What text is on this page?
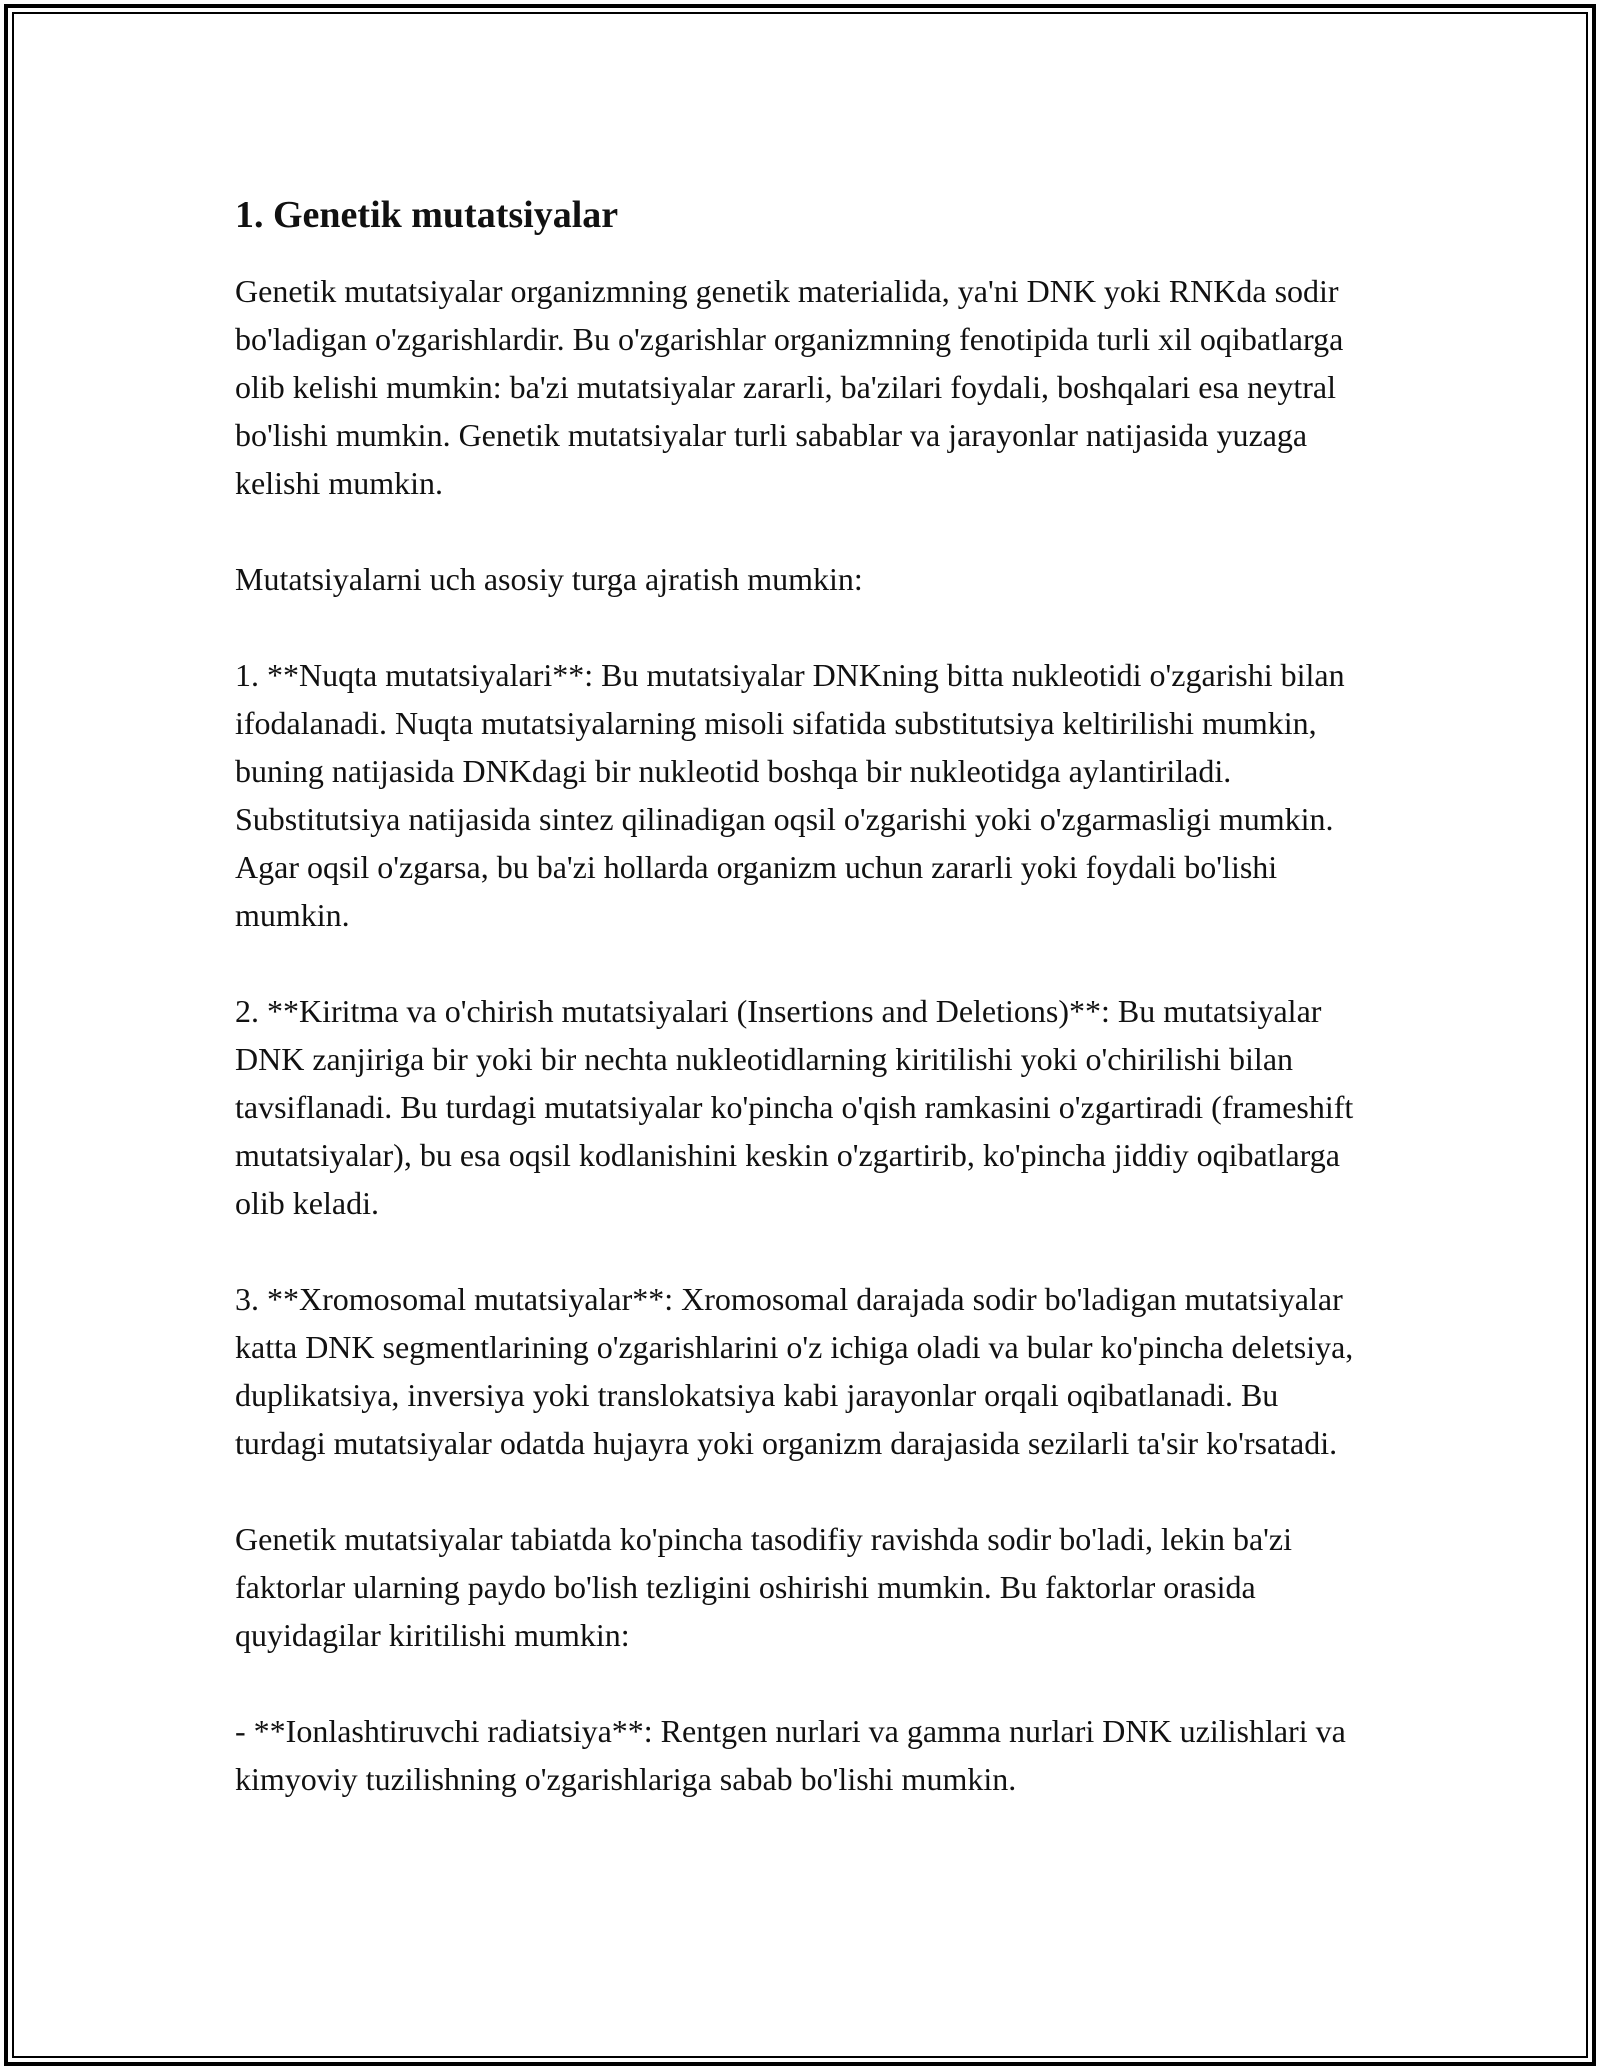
1. Genetik mutatsiyalar

Genetik mutatsiyalar organizmning genetik materialida, ya'ni DNK yoki RNKda sodir bo'ladigan o'zgarishlardir. Bu o'zgarishlar organizmning fenotipida turli xil oqibatlarga olib kelishi mumkin: ba'zi mutatsiyalar zararli, ba'zilari foydali, boshqalari esa neytral bo'lishi mumkin. Genetik mutatsiyalar turli sabablar va jarayonlar natijasida yuzaga kelishi mumkin.

Mutatsiyalarni uch asosiy turga ajratish mumkin:

1. **Nuqta mutatsiyalari**: Bu mutatsiyalar DNKning bitta nukleotidi o'zgarishi bilan ifodalanadi. Nuqta mutatsiyalarning misoli sifatida substitutsiya keltirilishi mumkin, buning natijasida DNKdagi bir nukleotid boshqa bir nukleotidga aylantiriladi. Substitutsiya natijasida sintez qilinadigan oqsil o'zgarishi yoki o'zgarmasligi mumkin. Agar oqsil o'zgarsa, bu ba'zi hollarda organizm uchun zararli yoki foydali bo'lishi mumkin.

2. **Kiritma va o'chirish mutatsiyalari (Insertions and Deletions)**: Bu mutatsiyalar DNK zanjiriga bir yoki bir nechta nukleotidlarning kiritilishi yoki o'chirilishi bilan tavsiflanadi. Bu turdagi mutatsiyalar ko'pincha o'qish ramkasini o'zgartiradi (frameshift mutatsiyalar), bu esa oqsil kodlanishini keskin o'zgartirib, ko'pincha jiddiy oqibatlarga olib keladi.

3. **Xromosomal mutatsiyalar**: Xromosomal darajada sodir bo'ladigan mutatsiyalar katta DNK segmentlarining o'zgarishlarini o'z ichiga oladi va bular ko'pincha deletsiya, duplikatsiya, inversiya yoki translokatsiya kabi jarayonlar orqali oqibatlanadi. Bu turdagi mutatsiyalar odatda hujayra yoki organizm darajasida sezilarli ta'sir ko'rsatadi.

Genetik mutatsiyalar tabiatda ko'pincha tasodifiy ravishda sodir bo'ladi, lekin ba'zi faktorlar ularning paydo bo'lish tezligini oshirishi mumkin. Bu faktorlar orasida quyidagilar kiritilishi mumkin:

- **Ionlashtiruvchi radiatsiya**: Rentgen nurlari va gamma nurlari DNK uzilishlari va kimyoviy tuzilishning o'zgarishlariga sabab bo'lishi mumkin.
